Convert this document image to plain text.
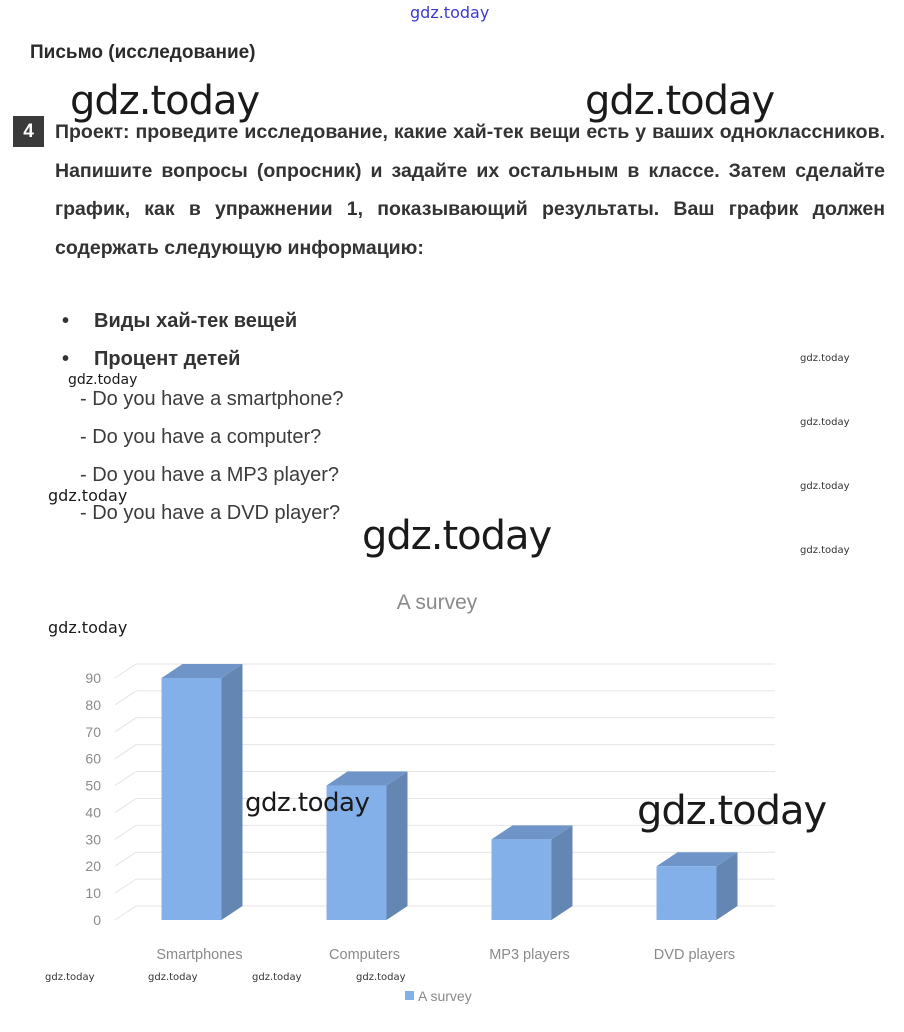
gdz.today
gdz.today	gdz.today
gdz.today
gdz.today
gdz.today
gdz.today
gdz.today
gdz.today
Письмо (исследование)
4	Проект: проведите исследование, какие хай-тек вещи есть у ваших одноклассников. Напишите вопросы (опросник) и задайте их остальным в классе. Затем сделайте график, как в упражнении 1, показывающий результаты. Ваш график должен содержать следующую информацию:
• Виды хай-тек вещей
• Процент детей
- Do you have a smartphone?
- Do you have a computer?
- Do you have a MP3 player?
- Do you have a DVD player? gdz.today
A survey
0
10
20
30
40
50
60
70
80
90
Smartphones	Computers	MP3 players	DVD players
A survey
gdz.today
gdz.today	gdz.today
gdz.today	gdz.today	gdz.today	gdz.today
